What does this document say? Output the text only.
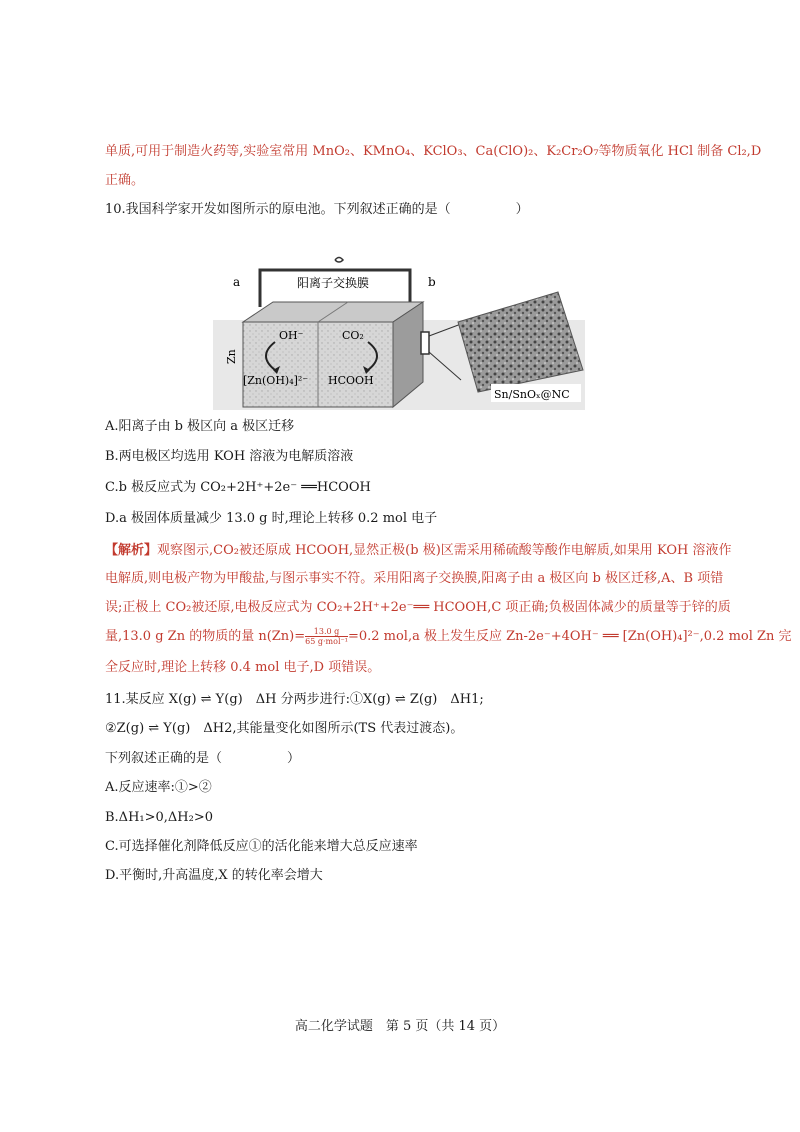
单质,可用于制造火药等,实验室常用 MnO₂、KMnO₄、KClO₃、Ca(ClO)₂、K₂Cr₂O₇等物质氧化 HCl 制备 Cl₂,D
正确。
10.我国科学家开发如图所示的原电池。下列叙述正确的是（　　　　　）
a	b
阳离子交换膜
Zn
OH⁻
[Zn(OH)₄]²⁻
CO₂
HCOOH
Sn/SnOₓ@NC
A.阳离子由 b 极区向 a 极区迁移
B.两电极区均选用 KOH 溶液为电解质溶液
C.b 极反应式为 CO₂+2H⁺+2e⁻ ══HCOOH
D.a 极固体质量减少 13.0 g 时,理论上转移 0.2 mol 电子
【解析】观察图示,CO₂被还原成 HCOOH,显然正极(b 极)区需采用稀硫酸等酸作电解质,如果用 KOH 溶液作
电解质,则电极产物为甲酸盐,与图示事实不符。采用阳离子交换膜,阳离子由 a 极区向 b 极区迁移,A、B 项错
误;正极上 CO₂被还原,电极反应式为 CO₂+2H⁺+2e⁻══ HCOOH,C 项正确;负极固体减少的质量等于锌的质
量,13.0 g Zn 的物质的量 $n(Zn)= \frac{13.0 g}{\text{65 g·mol⁻¹}} =0.2$ mol,a 极上发生反应 Zn-2e⁻+4OH⁻ ══ [Zn(OH)₄]²⁻,0.2 mol Zn 完
全反应时,理论上转移 0.4 mol 电子,D 项错误。
11.某反应 X(g) ⇌ Y(g)　ΔH 分两步进行:①X(g) ⇌ Z(g)　ΔH1;
②Z(g) ⇌ Y(g)　ΔH2,其能量变化如图所示(TS 代表过渡态)。
下列叙述正确的是（　　　　　）
A.反应速率:①>②
B.ΔH₁>0,ΔH₂>0
C.可选择催化剂降低反应①的活化能来增大总反应速率
D.平衡时,升高温度,X 的转化率会增大
高二化学试题　第 5 页（共 14 页）
